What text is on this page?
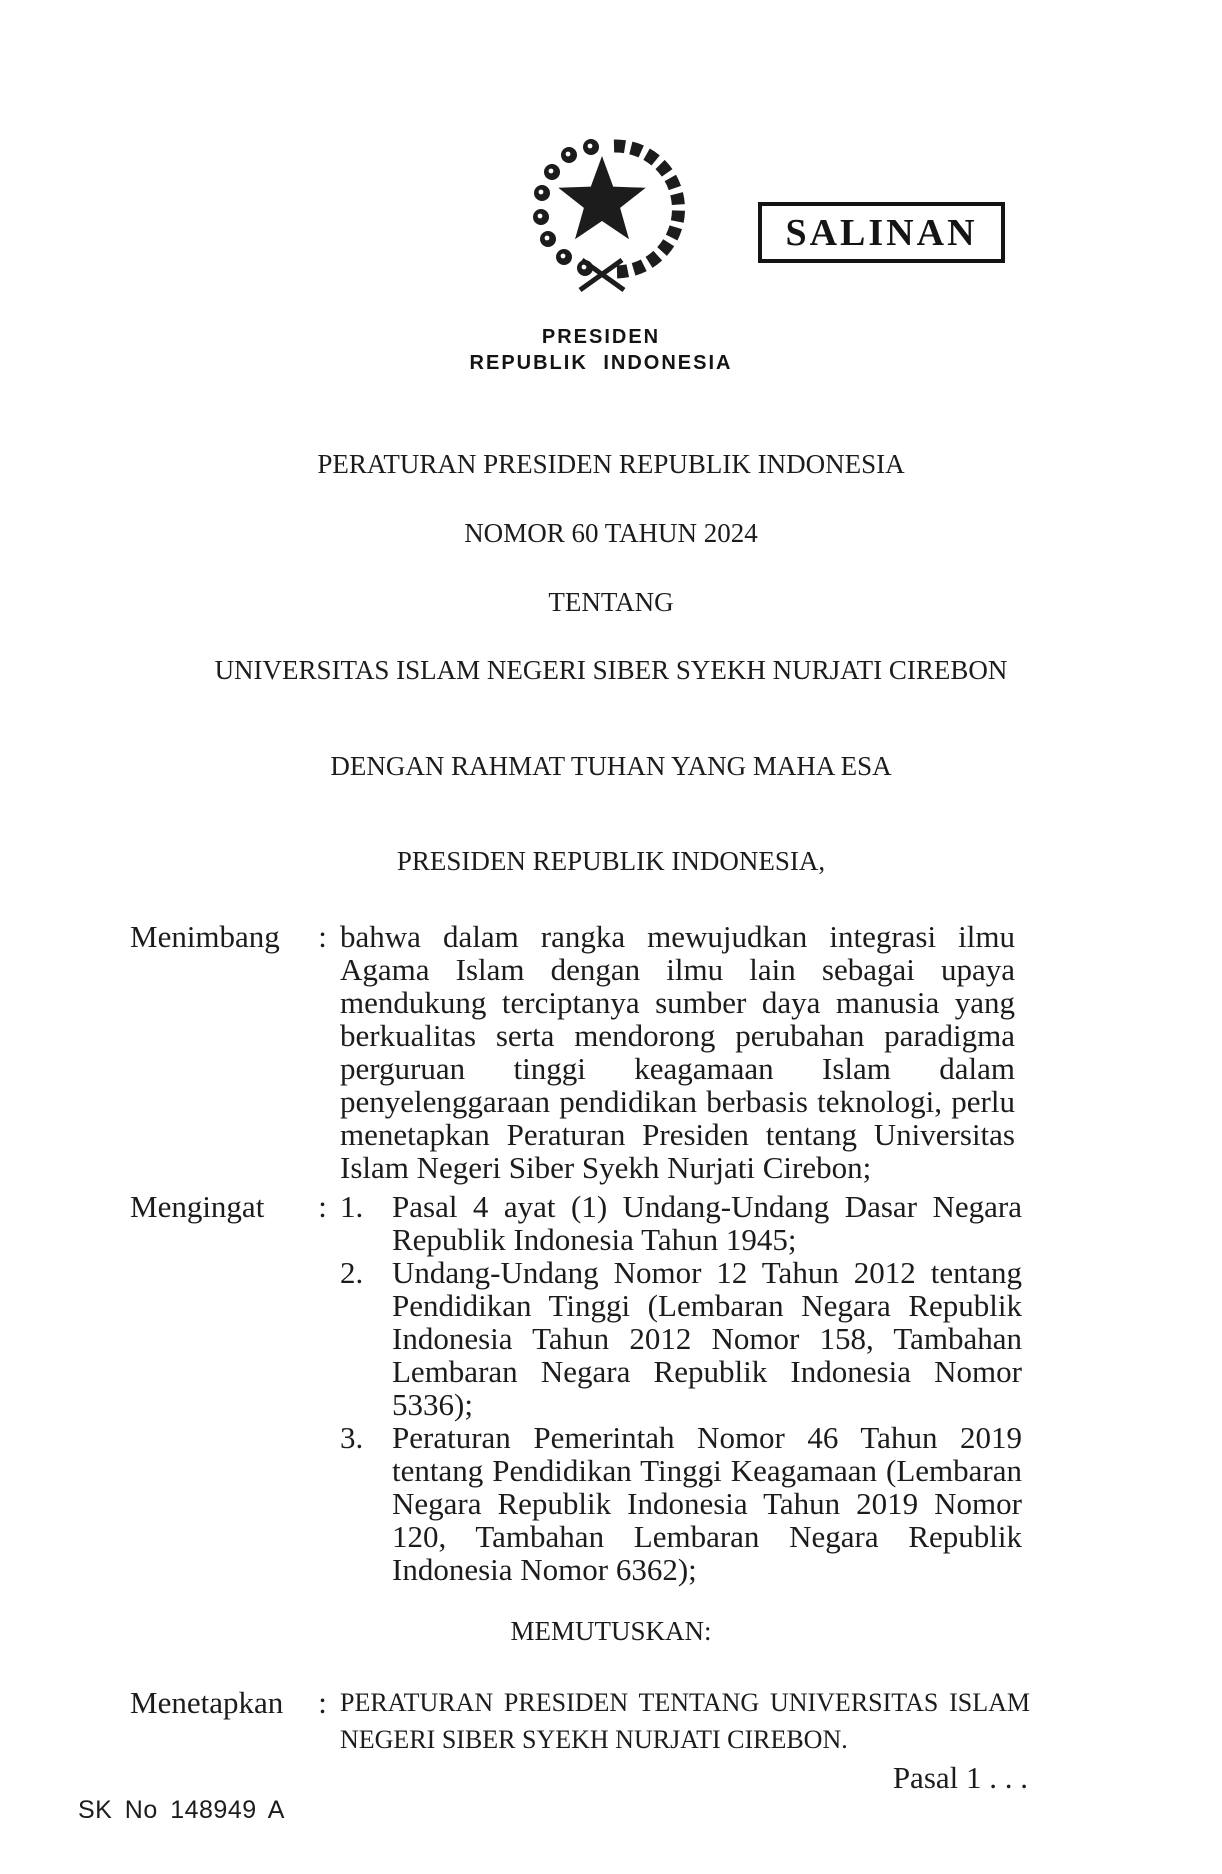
SALINAN
PRESIDEN
REPUBLIK INDONESIA
PERATURAN PRESIDEN REPUBLIK INDONESIA
NOMOR 60 TAHUN 2024
TENTANG
UNIVERSITAS ISLAM NEGERI SIBER SYEKH NURJATI CIREBON
DENGAN RAHMAT TUHAN YANG MAHA ESA
PRESIDEN REPUBLIK INDONESIA,
Menimbang	: bahwa dalam rangka mewujudkan integrasi ilmu Agama Islam dengan ilmu lain sebagai upaya mendukung terciptanya sumber daya manusia yang berkualitas serta mendorong perubahan paradigma perguruan tinggi keagamaan Islam dalam penyelenggaraan pendidikan berbasis teknologi, perlu menetapkan Peraturan Presiden tentang Universitas Islam Negeri Siber Syekh Nurjati Cirebon;
Mengingat	: 1. Pasal 4 ayat (1) Undang-Undang Dasar Negara Republik Indonesia Tahun 1945;
2. Undang-Undang Nomor 12 Tahun 2012 tentang Pendidikan Tinggi (Lembaran Negara Republik Indonesia Tahun 2012 Nomor 158, Tambahan Lembaran Negara Republik Indonesia Nomor 5336);
3. Peraturan Pemerintah Nomor 46 Tahun 2019 tentang Pendidikan Tinggi Keagamaan (Lembaran Negara Republik Indonesia Tahun 2019 Nomor 120, Tambahan Lembaran Negara Republik Indonesia Nomor 6362);
MEMUTUSKAN:
Menetapkan	: PERATURAN PRESIDEN TENTANG UNIVERSITAS ISLAM NEGERI SIBER SYEKH NURJATI CIREBON.
Pasal 1 . . .
SK No 148949 A
